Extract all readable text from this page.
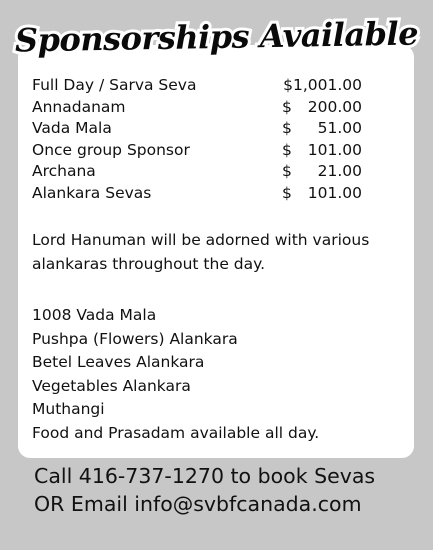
Sponsorships Available
Full Day / Sarva Seva	$1,001.00
Annadanam	$ 200.00
Vada Mala	$ 51.00
Once group Sponsor	$ 101.00
Archana	$ 21.00
Alankara Sevas	$ 101.00
Lord Hanuman will be adorned with various alankaras throughout the day.
1008 Vada Mala
Pushpa (Flowers) Alankara
Betel Leaves Alankara
Vegetables Alankara
Muthangi
Food and Prasadam available all day.
Call 416-737-1270 to book Sevas
OR Email info@svbfcanada.com
